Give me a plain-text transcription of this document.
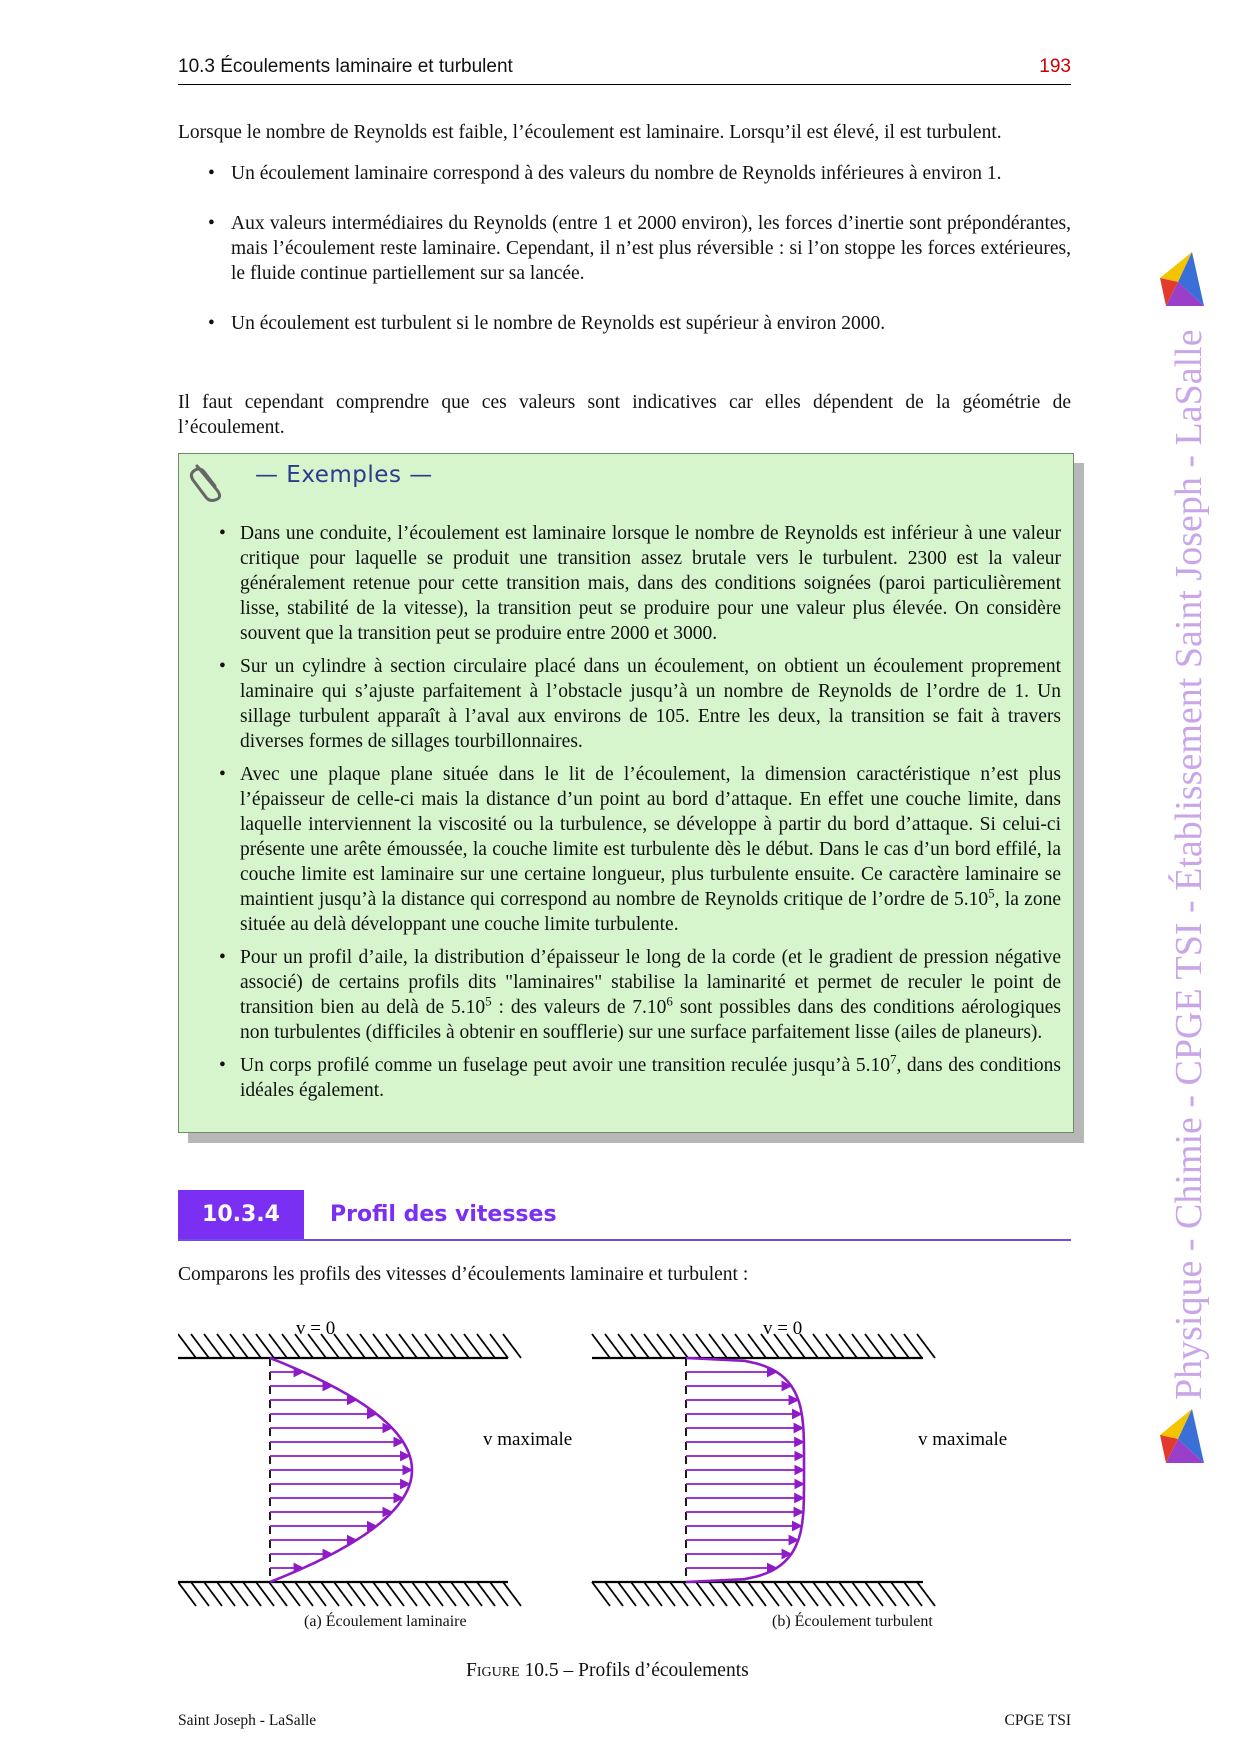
10.3 Écoulements laminaire et turbulent	193
Lorsque le nombre de Reynolds est faible, l’écoulement est laminaire. Lorsqu’il est élevé, il est turbulent.
• Un écoulement laminaire correspond à des valeurs du nombre de Reynolds inférieures à environ 1.
• Aux valeurs intermédiaires du Reynolds (entre 1 et 2000 environ), les forces d’inertie sont prépondérantes, mais l’écoulement reste laminaire. Cependant, il n’est plus réversible : si l’on stoppe les forces extérieures, le fluide continue partiellement sur sa lancée.
• Un écoulement est turbulent si le nombre de Reynolds est supérieur à environ 2000.
Il faut cependant comprendre que ces valeurs sont indicatives car elles dépendent de la géométrie de l’écoulement.
— Exemples —
• Dans une conduite, l’écoulement est laminaire lorsque le nombre de Reynolds est inférieur à une valeur critique pour laquelle se produit une transition assez brutale vers le turbulent. 2300 est la valeur généralement retenue pour cette transition mais, dans des conditions soignées (paroi particulièrement lisse, stabilité de la vitesse), la transition peut se produire pour une valeur plus élevée. On considère souvent que la transition peut se produire entre 2000 et 3000.
• Sur un cylindre à section circulaire placé dans un écoulement, on obtient un écoulement proprement laminaire qui s’ajuste parfaitement à l’obstacle jusqu’à un nombre de Reynolds de l’ordre de 1. Un sillage turbulent apparaît à l’aval aux environs de 105. Entre les deux, la transition se fait à travers diverses formes de sillages tourbillonnaires.
• Avec une plaque plane située dans le lit de l’écoulement, la dimension caractéristique n’est plus l’épaisseur de celle-ci mais la distance d’un point au bord d’attaque. En effet une couche limite, dans laquelle interviennent la viscosité ou la turbulence, se développe à partir du bord d’attaque. Si celui-ci présente une arête émoussée, la couche limite est turbulente dès le début. Dans le cas d’un bord effilé, la couche limite est laminaire sur une certaine longueur, plus turbulente ensuite. Ce caractère laminaire se maintient jusqu’à la distance qui correspond au nombre de Reynolds critique de l’ordre de 5.10$^5$, la zone située au delà développant une couche limite turbulente.
• Pour un profil d’aile, la distribution d’épaisseur le long de la corde (et le gradient de pression négative associé) de certains profils dits "laminaires" stabilise la laminarité et permet de reculer le point de transition bien au delà de 5.10$^5$ : des valeurs de 7.10$^6$ sont possibles dans des conditions aérologiques non turbulentes (difficiles à obtenir en soufflerie) sur une surface parfaitement lisse (ailes de planeurs).
• Un corps profilé comme un fuselage peut avoir une transition reculée jusqu’à 5.10$^7$, dans des conditions idéales également.
10.3.4	Profil des vitesses
Comparons les profils des vitesses d’écoulements laminaire et turbulent :
v = 0	v = 0
v maximale	v maximale
(a) Écoulement laminaire	(b) Écoulement turbulent
Figure 10.5 – Profils d’écoulements
Saint Joseph - LaSalle	CPGE TSI
Physique - Chimie - CPGE TSI - Établissement Saint Joseph - LaSalle
